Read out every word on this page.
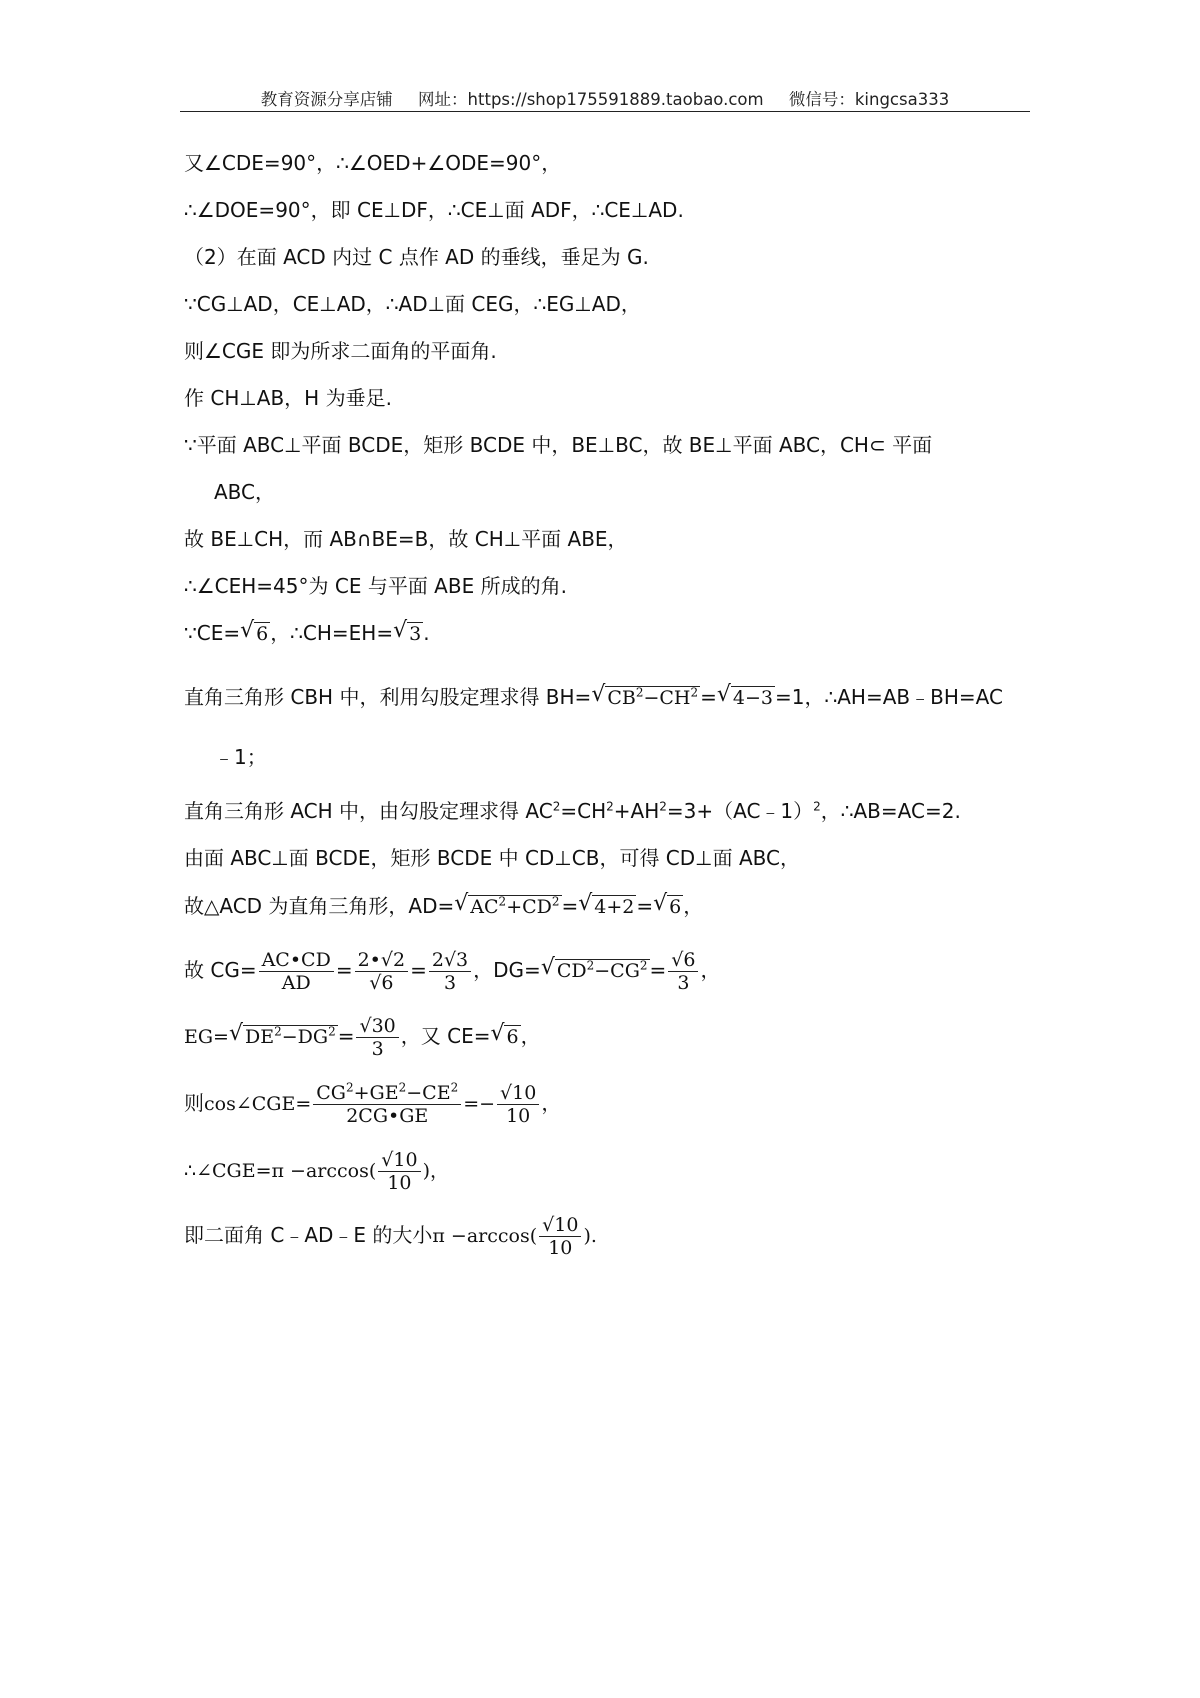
教育资源分享店铺 网址：https://shop175591889.taobao.com 微信号：kingcsa333
又∠CDE=90°，∴∠OED+∠ODE=90°，
∴∠DOE=90°，即 CE⊥DF，∴CE⊥面 ADF，∴CE⊥AD.
（2）在面 ACD 内过 C 点作 AD 的垂线，垂足为 G.
∵CG⊥AD，CE⊥AD，∴AD⊥面 CEG，∴EG⊥AD，
则∠CGE 即为所求二面角的平面角.
作 CH⊥AB，H 为垂足.
∵平面 ABC⊥平面 BCDE，矩形 BCDE 中，BE⊥BC，故 BE⊥平面 ABC，CH⊂ 平面
ABC，
故 BE⊥CH，而 AB∩BE=B，故 CH⊥平面 ABE，
∴∠CEH=45°为 CE 与平面 ABE 所成的角.
∵CE= √ 6 ，∴CH=EH= √ 3 .
直角三角形 CBH 中，利用勾股定理求得 BH= √ $CB^2-CH^2$ = √ 4−3 =1，∴AH=AB﹣BH=AC
﹣1；
直角三角形 ACH 中，由勾股定理求得 $AC^2=CH^2+AH^2=3+(AC﹣1)^2$，∴AB=AC=2.
由面 ABC⊥面 BCDE，矩形 BCDE 中 CD⊥CB，可得 CD⊥面 ABC，
故△ACD 为直角三角形，AD= √ $AC^2+CD^2$ = √ 4+2 = √ 6 ，
故 $CG= \frac{AC•CD}{AD} = \frac{2•√2}{√6} = \frac{2√3}{3}$ ，DG= √ $CD^2-CG^2 = \frac{√6}{3}$ ，
EG= √ $DE^2-DG^2 = \frac{√30}{3}$ ，又 CE= √ 6 ，
则cos∠CGE= $\frac{CG^2+GE^2-CE^2}{2CG•GE} =- \frac{√10}{10}$ ，
∴∠CGE=π $-\arccos( \frac{√10}{10}$ )，
即二面角 C﹣AD﹣E 的大小$\pi -\arccos( \frac{√10}{10}$ ).
